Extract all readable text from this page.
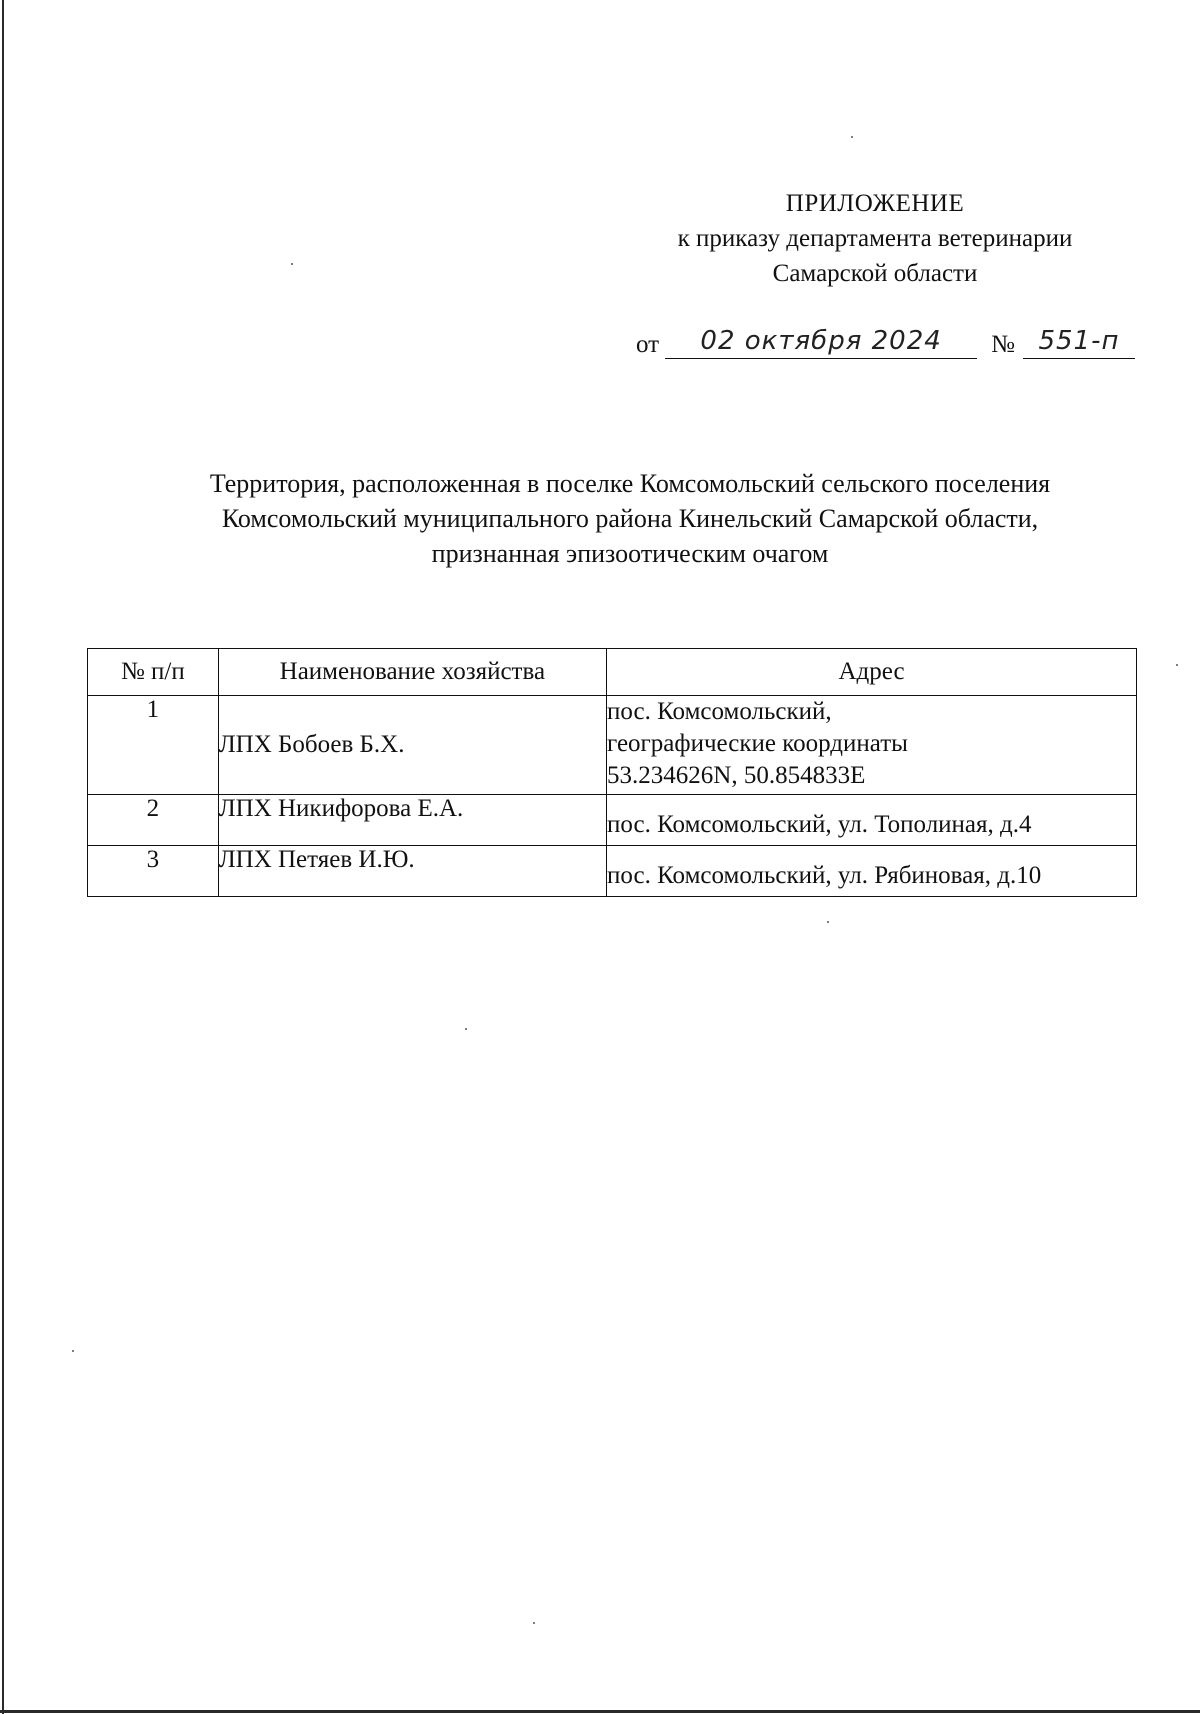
ПРИЛОЖЕНИЕ
к приказу департамента ветеринарии
Самарской области
от	02 октября 2024	№ 551-п
Территория, расположенная в поселке Комсомольский сельского поселения
Комсомольский муниципального района Кинельский Самарской области,
признанная эпизоотическим очагом
№ п/п	Наименование хозяйства	Адрес
1	ЛПХ Бобоев Б.Х.	пос. Комсомольский,
географические координаты
53.234626N, 50.854833E

2	ЛПХ Никифорова Е.А.	пос. Комсомольский, ул. Тополиная, д.4

3	ЛПХ Петяев И.Ю.	пос. Комсомольский, ул. Рябиновая, д.10
